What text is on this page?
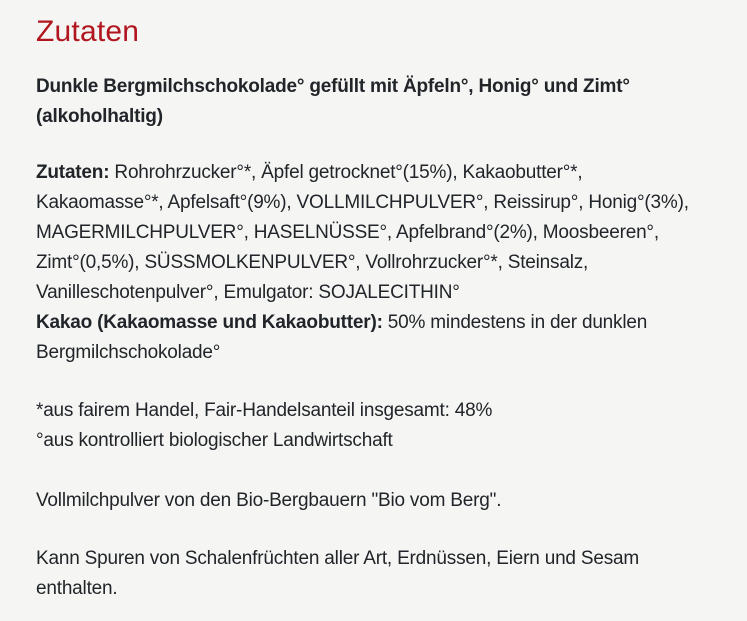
Zutaten

Dunkle Bergmilchschokolade° gefüllt mit Äpfeln°, Honig° und Zimt°
(alkoholhaltig)

Zutaten: Rohrohrzucker°*, Äpfel getrocknet°(15%), Kakaobutter°*,
Kakaomasse°*, Apfelsaft°(9%), VOLLMILCHPULVER°, Reissirup°, Honig°(3%),
MAGERMILCHPULVER°, HASELNÜSSE°, Apfelbrand°(2%), Moosbeeren°,
Zimt°(0,5%), SÜSSMOLKENPULVER°, Vollrohrzucker°*, Steinsalz,
Vanilleschotenpulver°, Emulgator: SOJALECITHIN°
Kakao (Kakaomasse und Kakaobutter): 50% mindestens in der dunklen
Bergmilchschokolade°

*aus fairem Handel, Fair-Handelsanteil insgesamt: 48%
°aus kontrolliert biologischer Landwirtschaft

Vollmilchpulver von den Bio-Bergbauern "Bio vom Berg".

Kann Spuren von Schalenfrüchten aller Art, Erdnüssen, Eiern und Sesam
enthalten.
